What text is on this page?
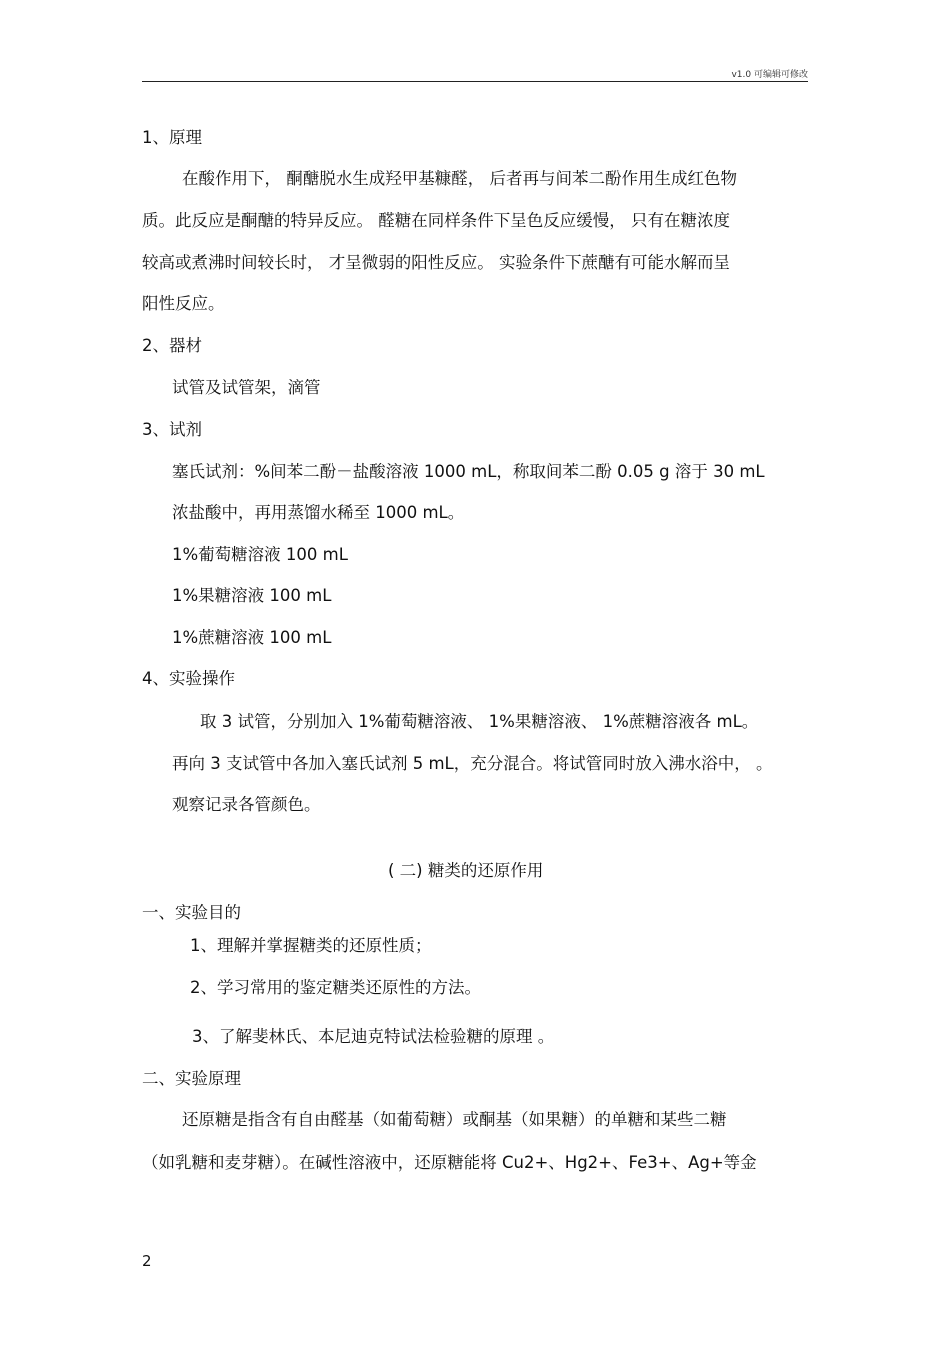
v1.0 可编辑可修改
1、原理
在酸作用下， 酮醣脱水生成羟甲基糠醛， 后者再与间苯二酚作用生成红色物
质。此反应是酮醣的特异反应。 醛糖在同样条件下呈色反应缓慢， 只有在糖浓度
较高或煮沸时间较长时， 才呈微弱的阳性反应。 实验条件下蔗醣有可能水解而呈
阳性反应。
2、器材
试管及试管架，滴管
3、试剂
塞氏试剂：%间苯二酚－盐酸溶液 1000 mL，称取间苯二酚 0.05 g 溶于 30 mL
浓盐酸中，再用蒸馏水稀至 1000 mL。
1%葡萄糖溶液 100 mL
1%果糖溶液 100 mL
1%蔗糖溶液 100 mL
4、实验操作
取 3 试管，分别加入 1%葡萄糖溶液、 1%果糖溶液、 1%蔗糖溶液各 mL。
再向 3 支试管中各加入塞氏试剂 5 mL，充分混合。将试管同时放入沸水浴中， 。
观察记录各管颜色。
( 二) 糖类的还原作用
一、实验目的
1、理解并掌握糖类的还原性质；
2、学习常用的鉴定糖类还原性的方法。
3、了解斐林氏、本尼迪克特试法检验糖的原理 。
二、实验原理
还原糖是指含有自由醛基（如葡萄糖）或酮基（如果糖）的单糖和某些二糖
（如乳糖和麦芽糖）。在碱性溶液中，还原糖能将 Cu2+、Hg2+、Fe3+、Ag+等金
2
